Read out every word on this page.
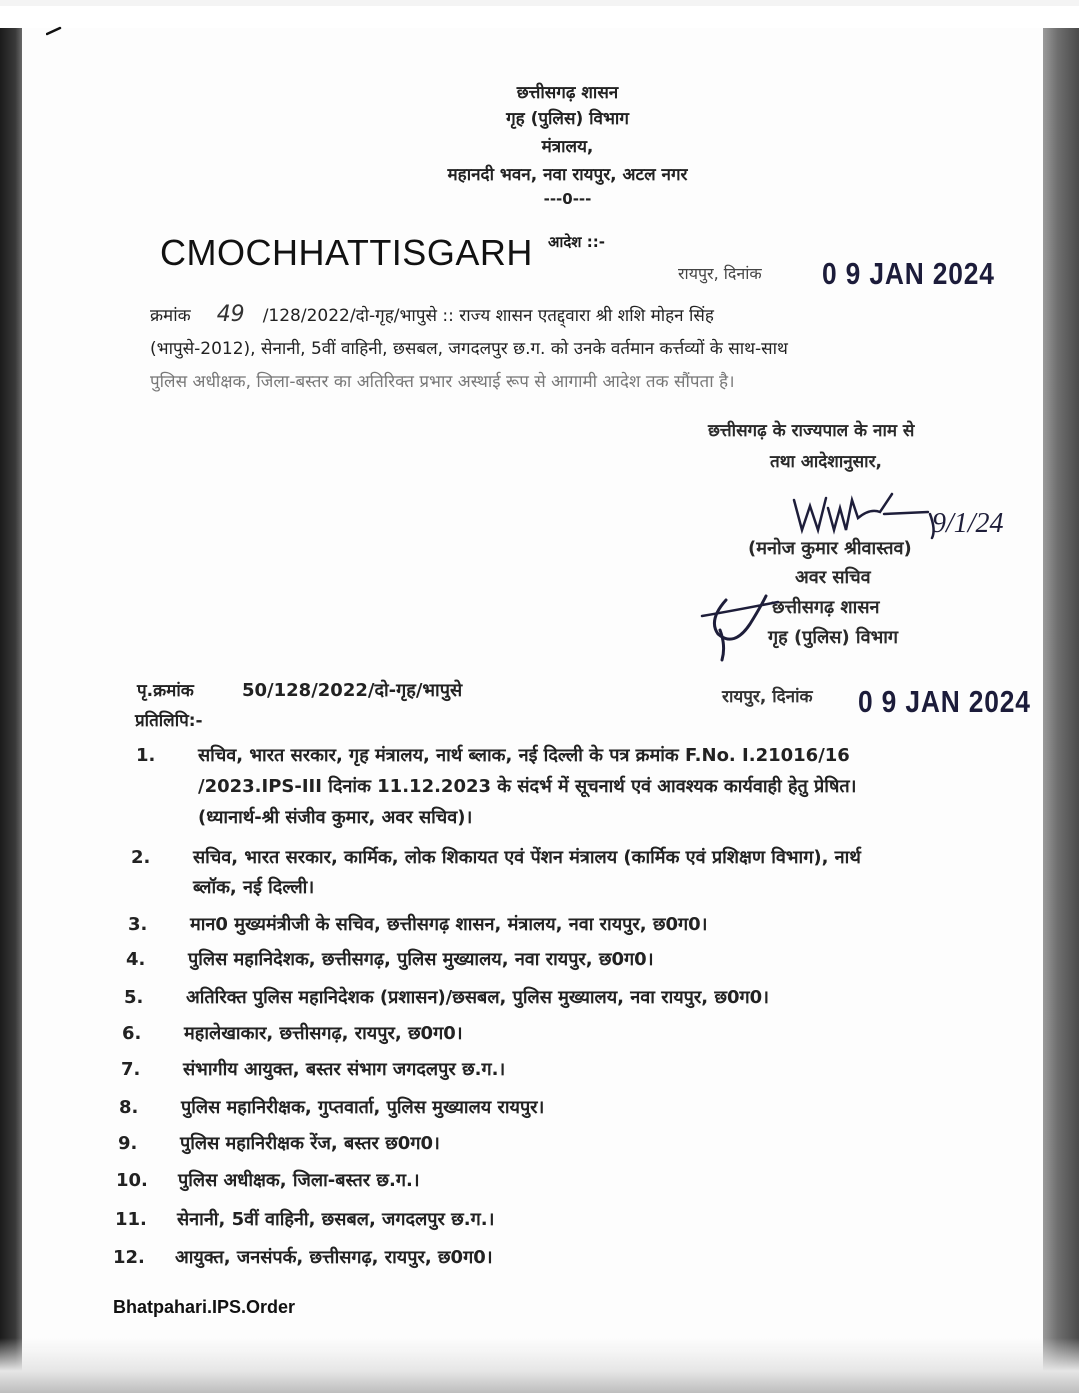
छत्तीसगढ़ शासन
गृह (पुलिस) विभाग
मंत्रालय,
महानदी भवन, नवा रायपुर, अटल नगर
---0---
आदेश ::-
CMOCHHATTISGARH
रायपुर, दिनांक 0 9 JAN 2024
क्रमांक 49 /128/2022/दो-गृह/भापुसे :: राज्य शासन एतद्द्वारा श्री शशि मोहन सिंह
(भापुसे-2012), सेनानी, 5वीं वाहिनी, छसबल, जगदलपुर छ.ग. को उनके वर्तमान कर्त्तव्यों के साथ-साथ
पुलिस अधीक्षक, जिला-बस्तर का अतिरिक्त प्रभार अस्थाई रूप से आगामी आदेश तक सौंपता है।
छत्तीसगढ़ के राज्यपाल के नाम से
तथा आदेशानुसार,
9/1/24
(मनोज कुमार श्रीवास्तव)
अवर सचिव
छत्तीसगढ़ शासन
गृह (पुलिस) विभाग
पृ.क्रमांक	50/128/2022/दो-गृह/भापुसे	रायपुर, दिनांक 0 9 JAN 2024
प्रतिलिपि:-
1. सचिव, भारत सरकार, गृह मंत्रालय, नार्थ ब्लाक, नई दिल्ली के पत्र क्रमांक F.No. I.21016/16
/2023.IPS-III दिनांक 11.12.2023 के संदर्भ में सूचनार्थ एवं आवश्यक कार्यवाही हेतु प्रेषित।
(ध्यानार्थ-श्री संजीव कुमार, अवर सचिव)।
2. सचिव, भारत सरकार, कार्मिक, लोक शिकायत एवं पेंशन मंत्रालय (कार्मिक एवं प्रशिक्षण विभाग), नार्थ
ब्लॉक, नई दिल्ली।
3. मान0 मुख्यमंत्रीजी के सचिव, छत्तीसगढ़ शासन, मंत्रालय, नवा रायपुर, छ0ग0।
4. पुलिस महानिदेशक, छत्तीसगढ़, पुलिस मुख्यालय, नवा रायपुर, छ0ग0।
5. अतिरिक्त पुलिस महानिदेशक (प्रशासन)/छसबल, पुलिस मुख्यालय, नवा रायपुर, छ0ग0।
6. महालेखाकार, छत्तीसगढ़, रायपुर, छ0ग0।
7. संभागीय आयुक्त, बस्तर संभाग जगदलपुर छ.ग.।
8. पुलिस महानिरीक्षक, गुप्तवार्ता, पुलिस मुख्यालय रायपुर।
9. पुलिस महानिरीक्षक रेंज, बस्तर छ0ग0।
10. पुलिस अधीक्षक, जिला-बस्तर छ.ग.।
11. सेनानी, 5वीं वाहिनी, छसबल, जगदलपुर छ.ग.।
12. आयुक्त, जनसंपर्क, छत्तीसगढ़, रायपुर, छ0ग0।
Bhatpahari.IPS.Order
